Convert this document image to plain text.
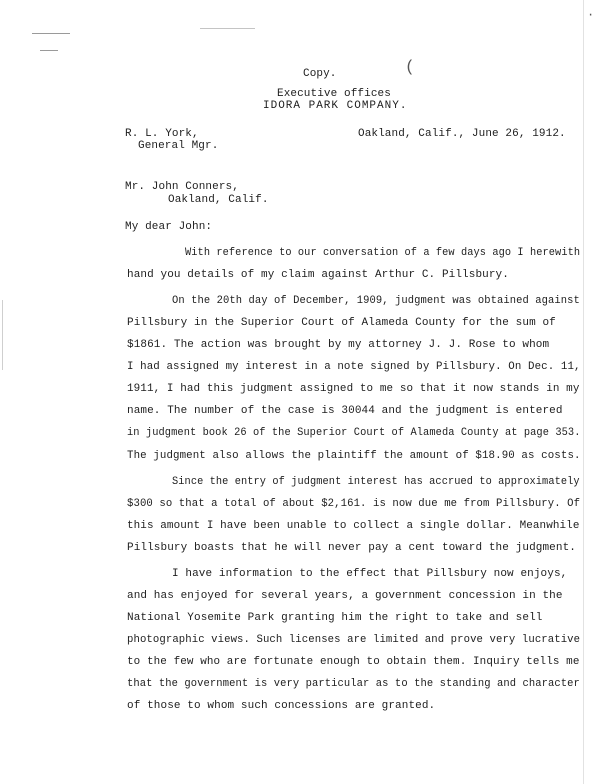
(
·
Copy.
Executive offices
IDORA PARK COMPANY.
R. L. York,
General Mgr.
Oakland, Calif., June 26, 1912.
Mr. John Conners,
Oakland, Calif.
My dear John:
With reference to our conversation of a few days ago I herewith
hand you details of my claim against Arthur C. Pillsbury.
On the 20th day of December, 1909, judgment was obtained against
Pillsbury in the Superior Court of Alameda County for the sum of
$1861. The action was brought by my attorney J. J. Rose to whom
I had assigned my interest in a note signed by Pillsbury. On Dec. 11,
1911, I had this judgment assigned to me so that it now stands in my
name. The number of the case is 30044 and the judgment is entered
in judgment book 26 of the Superior Court of Alameda County at page 353.
The judgment also allows the plaintiff the amount of $18.90 as costs.
Since the entry of judgment interest has accrued to approximately
$300 so that a total of about $2,161. is now due me from Pillsbury. Of
this amount I have been unable to collect a single dollar. Meanwhile
Pillsbury boasts that he will never pay a cent toward the judgment.
I have information to the effect that Pillsbury now enjoys,
and has enjoyed for several years, a government concession in the
National Yosemite Park granting him the right to take and sell
photographic views. Such licenses are limited and prove very lucrative
to the few who are fortunate enough to obtain them. Inquiry tells me
that the government is very particular as to the standing and character
of those to whom such concessions are granted.
